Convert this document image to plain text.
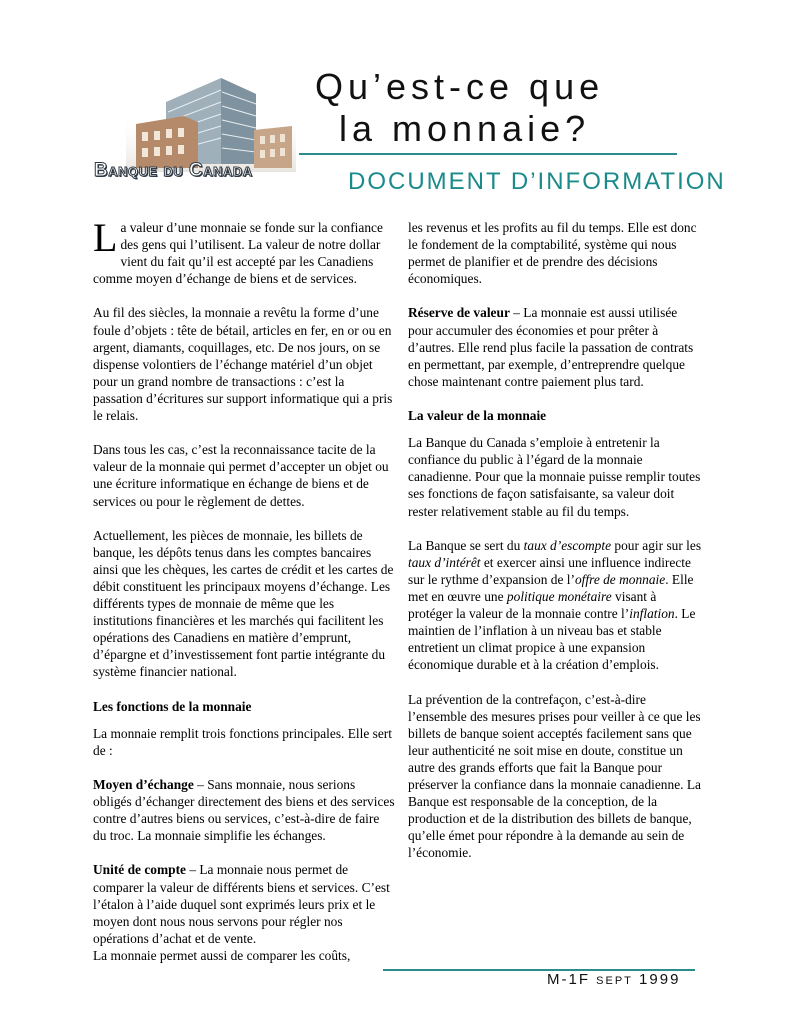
Banque du Canada
Qu’est-ce que
la monnaie?
DOCUMENT D’INFORMATION

La valeur d’une monnaie se fonde sur la confiance des gens qui l’utilisent. La valeur de notre dollar vient du fait qu’il est accepté par les Canadiens comme moyen d’échange de biens et de services.

Au fil des siècles, la monnaie a revêtu la forme d’une foule d’objets : tête de bétail, articles en fer, en or ou en argent, diamants, coquillages, etc. De nos jours, on se dispense volontiers de l’échange matériel d’un objet pour un grand nombre de transactions : c’est la passation d’écritures sur support informatique qui a pris le relais.

Dans tous les cas, c’est la reconnaissance tacite de la valeur de la monnaie qui permet d’accepter un objet ou une écriture informatique en échange de biens et de services ou pour le règlement de dettes.

Actuellement, les pièces de monnaie, les billets de banque, les dépôts tenus dans les comptes bancaires ainsi que les chèques, les cartes de crédit et les cartes de débit constituent les principaux moyens d’échange. Les différents types de monnaie de même que les institutions financières et les marchés qui facilitent les opérations des Canadiens en matière d’emprunt, d’épargne et d’investissement font partie intégrante du système financier national.

Les fonctions de la monnaie

La monnaie remplit trois fonctions principales. Elle sert de :

Moyen d’échange – Sans monnaie, nous serions obligés d’échanger directement des biens et des services contre d’autres biens ou services, c’est-à-dire de faire du troc. La monnaie simplifie les échanges.

Unité de compte – La monnaie nous permet de comparer la valeur de différents biens et services. C’est l’étalon à l’aide duquel sont exprimés leurs prix et le moyen dont nous nous servons pour régler nos opérations d’achat et de vente.

La monnaie permet aussi de comparer les coûts,

les revenus et les profits au fil du temps. Elle est donc le fondement de la comptabilité, système qui nous permet de planifier et de prendre des décisions économiques.

Réserve de valeur – La monnaie est aussi utilisée pour accumuler des économies et pour prêter à d’autres. Elle rend plus facile la passation de contrats en permettant, par exemple, d’entreprendre quelque chose maintenant contre paiement plus tard.

La valeur de la monnaie

La Banque du Canada s’emploie à entretenir la confiance du public à l’égard de la monnaie canadienne. Pour que la monnaie puisse remplir toutes ses fonctions de façon satisfaisante, sa valeur doit rester relativement stable au fil du temps.

La Banque se sert du taux d’escompte pour agir sur les taux d’intérêt et exercer ainsi une influence indirecte sur le rythme d’expansion de l’offre de monnaie. Elle met en œuvre une politique monétaire visant à protéger la valeur de la monnaie contre l’inflation. Le maintien de l’inflation à un niveau bas et stable entretient un climat propice à une expansion économique durable et à la création d’emplois.

La prévention de la contrefaçon, c’est-à-dire l’ensemble des mesures prises pour veiller à ce que les billets de banque soient acceptés facilement sans que leur authenticité ne soit mise en doute, constitue un autre des grands efforts que fait la Banque pour préserver la confiance dans la monnaie canadienne. La Banque est responsable de la conception, de la production et de la distribution des billets de banque, qu’elle émet pour répondre à la demande au sein de l’économie.

M-1F sept 1999
